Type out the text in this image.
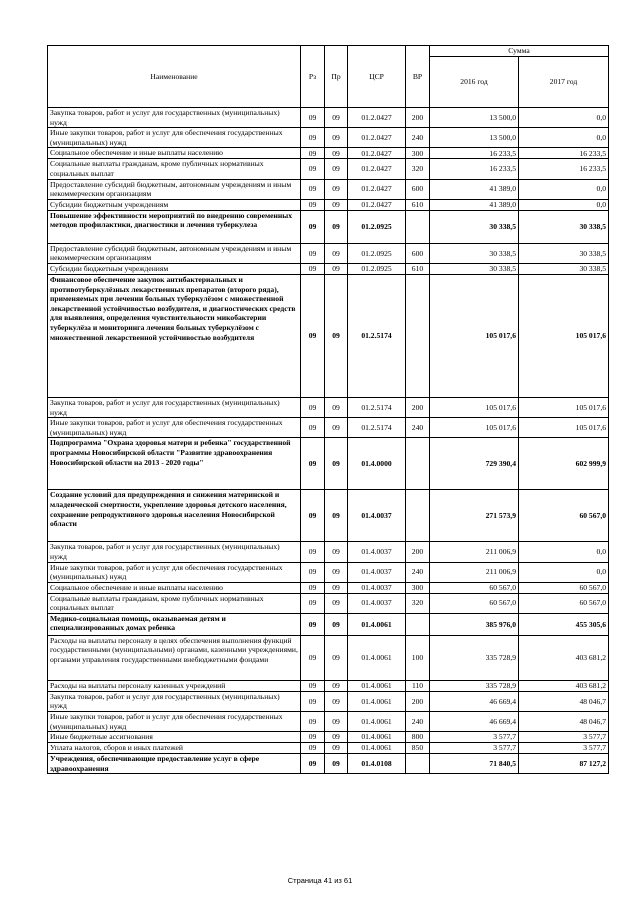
Наименование	Рз	Пр	ЦСР	ВР	Сумма	
					2016 год	2017 год
Закупка товаров, работ и услуг для государственных (муниципальных) нужд	09	09	01.2.0427	200	13 500,0	0,0
Иные закупки товаров, работ и услуг для обеспечения государственных (муниципальных) нужд	09	09	01.2.0427	240	13 500,0	0,0
Социальное обеспечение и иные выплаты населению	09	09	01.2.0427	300	16 233,5	16 233,5
Социальные выплаты гражданам, кроме публичных нормативных социальных выплат	09	09	01.2.0427	320	16 233,5	16 233,5
Предоставление субсидий бюджетным, автономным учреждениям и иным некоммерческим организациям	09	09	01.2.0427	600	41 389,0	0,0
Субсидии бюджетным учреждениям	09	09	01.2.0427	610	41 389,0	0,0
Повышение эффективности мероприятий по внедрению современных методов профилактики, диагностики и лечения туберкулеза	09	09	01.2.0925		30 338,5	30 338,5
Предоставление субсидий бюджетным, автономным учреждениям и иным некоммерческим организациям	09	09	01.2.0925	600	30 338,5	30 338,5
Субсидии бюджетным учреждениям	09	09	01.2.0925	610	30 338,5	30 338,5
Финансовое обеспечение закупок антибактериальных и противотуберкулёзных лекарственных препаратов (второго ряда), применяемых при лечении больных туберкулёзом с множественной лекарственной устойчивостью возбудителя, и диагностических средств для выявления, определения чувствительности микобактерии туберкулёза и мониторинга лечения больных туберкулёзом с множественной лекарственной устойчивостью возбудителя	09	09	01.2.5174		105 017,6	105 017,6
Закупка товаров, работ и услуг для государственных (муниципальных) нужд	09	09	01.2.5174	200	105 017,6	105 017,6
Иные закупки товаров, работ и услуг для обеспечения государственных (муниципальных) нужд	09	09	01.2.5174	240	105 017,6	105 017,6
Подпрограмма "Охрана здоровья матери и ребенка" государственной программы Новосибирской области "Развитие здравоохранения Новосибирской области на 2013 - 2020 годы"	09	09	01.4.0000		729 390,4	602 999,9
Создание условий для предупреждения и снижения материнской и младенческой смертности, укрепление здоровья детского населения, сохранение репродуктивного здоровья населения Новосибирской области	09	09	01.4.0037		271 573,9	60 567,0
Закупка товаров, работ и услуг для государственных (муниципальных) нужд	09	09	01.4.0037	200	211 006,9	0,0
Иные закупки товаров, работ и услуг для обеспечения государственных (муниципальных) нужд	09	09	01.4.0037	240	211 006,9	0,0
Социальное обеспечение и иные выплаты населению	09	09	01.4.0037	300	60 567,0	60 567,0
Социальные выплаты гражданам, кроме публичных нормативных социальных выплат	09	09	01.4.0037	320	60 567,0	60 567,0
Медико-социальная помощь, оказываемая детям и специализированных домах ребенка	09	09	01.4.0061		385 976,0	455 305,6
Расходы на выплаты персоналу в целях обеспечения выполнения функций государственными (муниципальными) органами, казенными учреждениями, органами управления государственными внебюджетными фондами	09	09	01.4.0061	100	335 728,9	403 681,2
Расходы на выплаты персоналу казенных учреждений	09	09	01.4.0061	110	335 728,9	403 681,2
Закупка товаров, работ и услуг для государственных (муниципальных) нужд	09	09	01.4.0061	200	46 669,4	48 046,7
Иные закупки товаров, работ и услуг для обеспечения государственных (муниципальных) нужд	09	09	01.4.0061	240	46 669,4	48 046,7
Иные бюджетные ассигнования	09	09	01.4.0061	800	3 577,7	3 577,7
Уплата налогов, сборов и иных платежей	09	09	01.4.0061	850	3 577,7	3 577,7
Учреждения, обеспечивающие предоставление услуг в сфере здравоохранения	09	09	01.4.0108		71 840,5	87 127,2
Страница 41 из 61
